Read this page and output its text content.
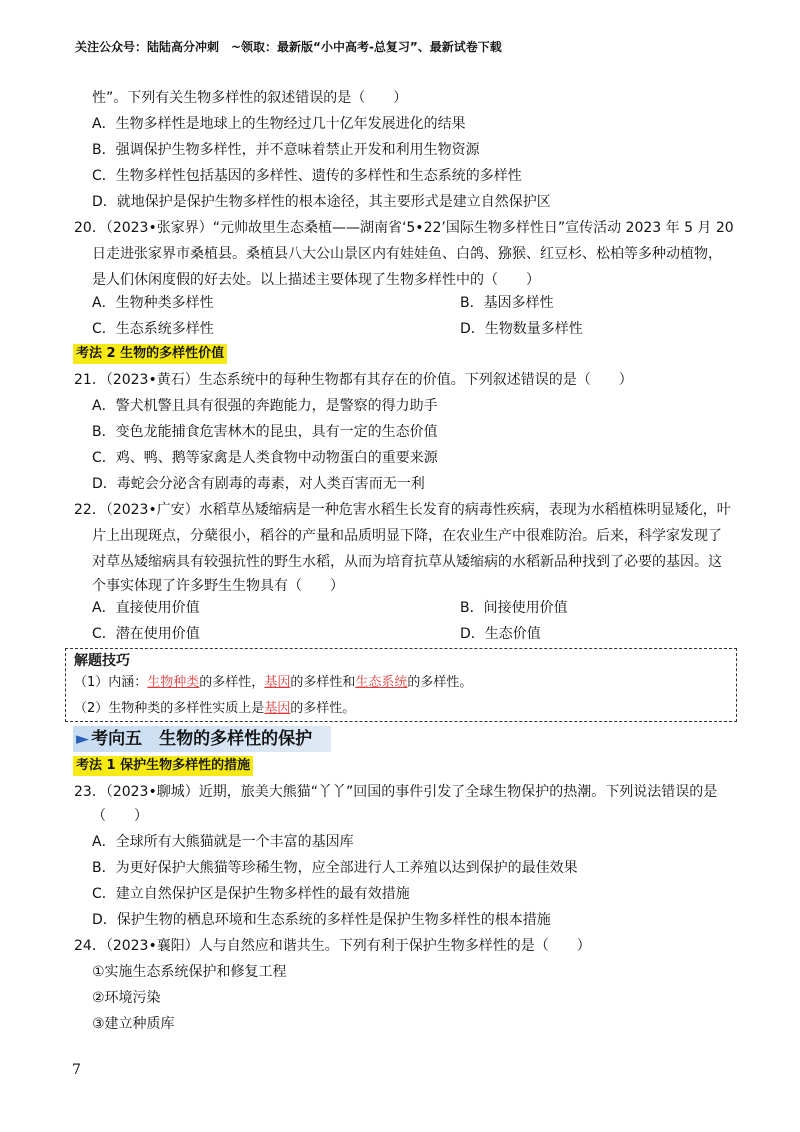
关注公众号：陆陆高分冲刺　~领取：最新版“小中高考-总复习”、最新试卷下载
性”。下列有关生物多样性的叙述错误的是（　　）
A．生物多样性是地球上的生物经过几十亿年发展进化的结果
B．强调保护生物多样性，并不意味着禁止开发和利用生物资源
C．生物多样性包括基因的多样性、遗传的多样性和生态系统的多样性
D．就地保护是保护生物多样性的根本途径，其主要形式是建立自然保护区
20．（2023•张家界）“元帅故里生态桑植——湖南省‘5•22’国际生物多样性日”宣传活动 2023 年 5 月 20
日走进张家界市桑植县。桑植县八大公山景区内有娃娃鱼、白鸽、猕猴、红豆杉、松柏等多种动植物，
是人们休闲度假的好去处。以上描述主要体现了生物多样性中的（　　）
A．生物种类多样性	B．基因多样性
C．生态系统多样性	D．生物数量多样性
考法 2 生物的多样性价值
21．（2023•黄石）生态系统中的每种生物都有其存在的价值。下列叙述错误的是（　　）
A．警犬机警且具有很强的奔跑能力，是警察的得力助手
B．变色龙能捕食危害林木的昆虫，具有一定的生态价值
C．鸡、鸭、鹅等家禽是人类食物中动物蛋白的重要来源
D．毒蛇会分泌含有剧毒的毒素，对人类百害而无一利
22．（2023•广安）水稻草丛矮缩病是一种危害水稻生长发育的病毒性疾病，表现为水稻植株明显矮化，叶
片上出现斑点，分蘖很小，稻谷的产量和品质明显下降，在农业生产中很难防治。后来，科学家发现了
对草丛矮缩病具有较强抗性的野生水稻，从而为培育抗草从矮缩病的水稻新品种找到了必要的基因。这
个事实体现了许多野生生物具有（　　）
A．直接使用价值	B．间接使用价值
C．潜在使用价值	D．生态价值
解题技巧
（1）内涵：生物种类的多样性，基因的多样性和生态系统的多样性。
（2）生物种类的多样性实质上是基因的多样性。
► 考向五　生物的多样性的保护
考法 1 保护生物多样性的措施
23．（2023•聊城）近期，旅美大熊猫“丫丫”回国的事件引发了全球生物保护的热潮。下列说法错误的是
（　　）
A．全球所有大熊猫就是一个丰富的基因库
B．为更好保护大熊猫等珍稀生物，应全部进行人工养殖以达到保护的最佳效果
C．建立自然保护区是保护生物多样性的最有效措施
D．保护生物的栖息环境和生态系统的多样性是保护生物多样性的根本措施
24．（2023•襄阳）人与自然应和谐共生。下列有利于保护生物多样性的是（　　）
①实施生态系统保护和修复工程
②环境污染
③建立种质库
7
